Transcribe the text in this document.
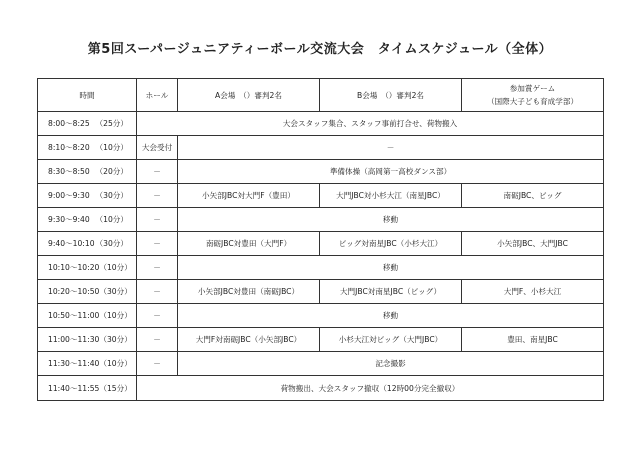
第5回スーパージュニアティーボール交流大会　タイムスケジュール（全体）
時間	ホール	A会場　（）審判2名	B会場　（）審判2名	参加賞ゲーム
（国際大子ども育成学部）

8:00～8:25 （25分）	大会スタッフ集合、スタッフ事前打合せ、荷物搬入			

8:10～8:20 （10分）	大会受付	－		

8:30～8:50 （20分）	－	準備体操（高岡第一高校ダンス部）		

9:00～9:30 （30分）	－	小矢部JBC対大門F（豊田）	大門JBC対小杉大江（南星JBC）	南砺JBC、ビッグ

9:30～9:40 （10分）	－	移動		

9:40～10:10 （30分）	－	南砺JBC対豊田（大門F）	ビッグ対南星JBC（小杉大江）	小矢部JBC、大門JBC

10:10～10:20 （10分）	－	移動		

10:20～10:50 （30分）	－	小矢部JBC対豊田（南砺JBC）	大門JBC対南星JBC（ビッグ）	大門F、小杉大江

10:50～11:00 （10分）	－	移動		

11:00～11:30 （30分）	－	大門F対南砺JBC（小矢部JBC）	小杉大江対ビッグ（大門JBC）	豊田、南星JBC

11:30～11:40 （10分）	－	記念撮影		

11:40～11:55 （15分）	荷物搬出、大会スタッフ撤収（12時00分完全撤収）			
